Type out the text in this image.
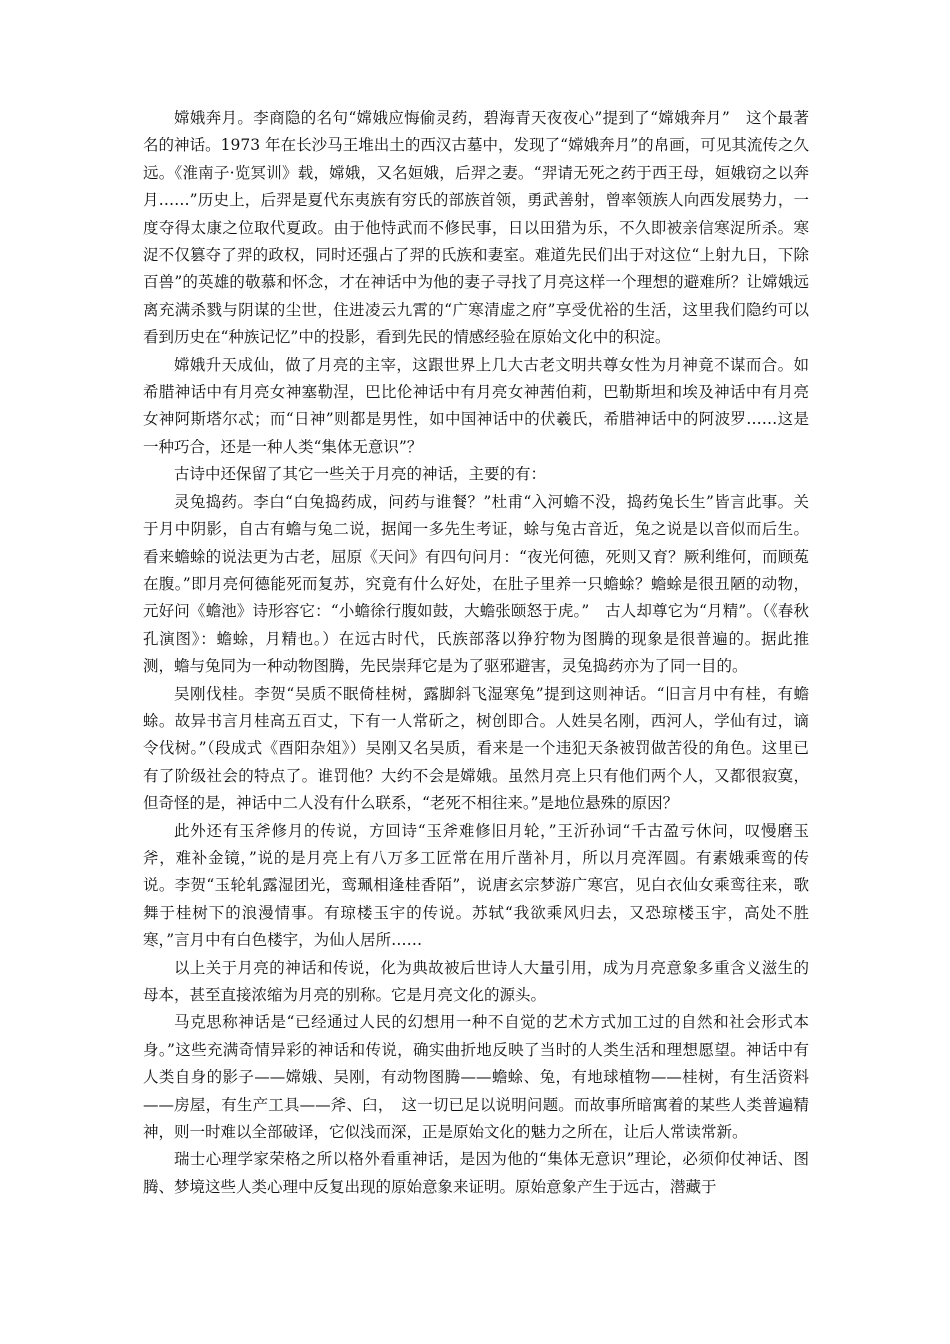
嫦娥奔月。李商隐的名句“嫦娥应悔偷灵药，碧海青天夜夜心”提到了“嫦娥奔月”　这个最著名的神话。1973 年在长沙马王堆出土的西汉古墓中，发现了“嫦娥奔月”的帛画，可见其流传之久远。《淮南子·览冥训》载，嫦娥，又名姮娥，后羿之妻。“羿请无死之药于西王母，姮娥窃之以奔月……”历史上，后羿是夏代东夷族有穷氏的部族首领，勇武善射，曾率领族人向西发展势力，一度夺得太康之位取代夏政。由于他恃武而不修民事，日以田猎为乐，不久即被亲信寒浞所杀。寒浞不仅篡夺了羿的政权，同时还强占了羿的氏族和妻室。难道先民们出于对这位“上射九日，下除百兽”的英雄的敬慕和怀念，才在神话中为他的妻子寻找了月亮这样一个理想的避难所？让嫦娥远离充满杀戮与阴谋的尘世，住进凌云九霄的“广寒清虚之府”享受优裕的生活，这里我们隐约可以看到历史在“种族记忆”中的投影，看到先民的情感经验在原始文化中的积淀。

嫦娥升天成仙，做了月亮的主宰，这跟世界上几大古老文明共尊女性为月神竟不谋而合。如希腊神话中有月亮女神塞勒涅，巴比伦神话中有月亮女神茜伯莉，巴勒斯坦和埃及神话中有月亮女神阿斯塔尔忒；而“日神”则都是男性，如中国神话中的伏羲氏，希腊神话中的阿波罗……这是一种巧合，还是一种人类“集体无意识”？

古诗中还保留了其它一些关于月亮的神话，主要的有：

灵兔捣药。李白“白兔捣药成，问药与谁餐？”杜甫“入河蟾不没，捣药兔长生”皆言此事。关于月中阴影，自古有蟾与兔二说，据闻一多先生考证，蜍与兔古音近，兔之说是以音似而后生。看来蟾蜍的说法更为古老，屈原《天问》有四句问月：“夜光何德，死则又育？厥利维何，而顾菟在腹。”即月亮何德能死而复苏，究竟有什么好处，在肚子里养一只蟾蜍？蟾蜍是很丑陋的动物，元好问《蟾池》诗形容它：“小蟾徐行腹如鼓，大蟾张颐怒于虎。”　古人却尊它为“月精”。（《春秋孔演图》：蟾蜍，月精也。）在远古时代，氏族部落以狰狞物为图腾的现象是很普遍的。据此推测，蟾与兔同为一种动物图腾，先民崇拜它是为了驱邪避害，灵兔捣药亦为了同一目的。

吴刚伐桂。李贺“吴质不眠倚桂树，露脚斜飞湿寒兔”提到这则神话。“旧言月中有桂，有蟾蜍。故异书言月桂高五百丈，下有一人常斫之，树创即合。人姓吴名刚，西河人，学仙有过，谪令伐树。”（段成式《酉阳杂俎》）吴刚又名吴质，看来是一个违犯天条被罚做苦役的角色。这里已有了阶级社会的特点了。谁罚他？大约不会是嫦娥。虽然月亮上只有他们两个人，又都很寂寞，但奇怪的是，神话中二人没有什么联系，“老死不相往来。”是地位悬殊的原因？

此外还有玉斧修月的传说，方回诗“玉斧难修旧月轮，”王沂孙词“千古盈亏休问，叹慢磨玉斧，难补金镜，”说的是月亮上有八万多工匠常在用斤凿补月，所以月亮浑圆。有素娥乘鸾的传说。李贺“玉轮轧露湿团光，鸾珮相逢桂香陌”，说唐玄宗梦游广寒宫，见白衣仙女乘鸾往来，歌舞于桂树下的浪漫情事。有琼楼玉宇的传说。苏轼“我欲乘风归去，又恐琼楼玉宇，高处不胜寒，”言月中有白色楼宇，为仙人居所……

以上关于月亮的神话和传说，化为典故被后世诗人大量引用，成为月亮意象多重含义滋生的母本，甚至直接浓缩为月亮的别称。它是月亮文化的源头。

马克思称神话是“已经通过人民的幻想用一种不自觉的艺术方式加工过的自然和社会形式本身。”这些充满奇情异彩的神话和传说，确实曲折地反映了当时的人类生活和理想愿望。神话中有人类自身的影子——嫦娥、吴刚，有动物图腾——蟾蜍、兔，有地球植物——桂树，有生活资料——房屋，有生产工具——斧、臼，　这一切已足以说明问题。而故事所暗寓着的某些人类普遍精神，则一时难以全部破译，它似浅而深，正是原始文化的魅力之所在，让后人常读常新。

瑞士心理学家荣格之所以格外看重神话，是因为他的“集体无意识”理论，必须仰仗神话、图腾、梦境这些人类心理中反复出现的原始意象来证明。原始意象产生于远古，潜藏于
